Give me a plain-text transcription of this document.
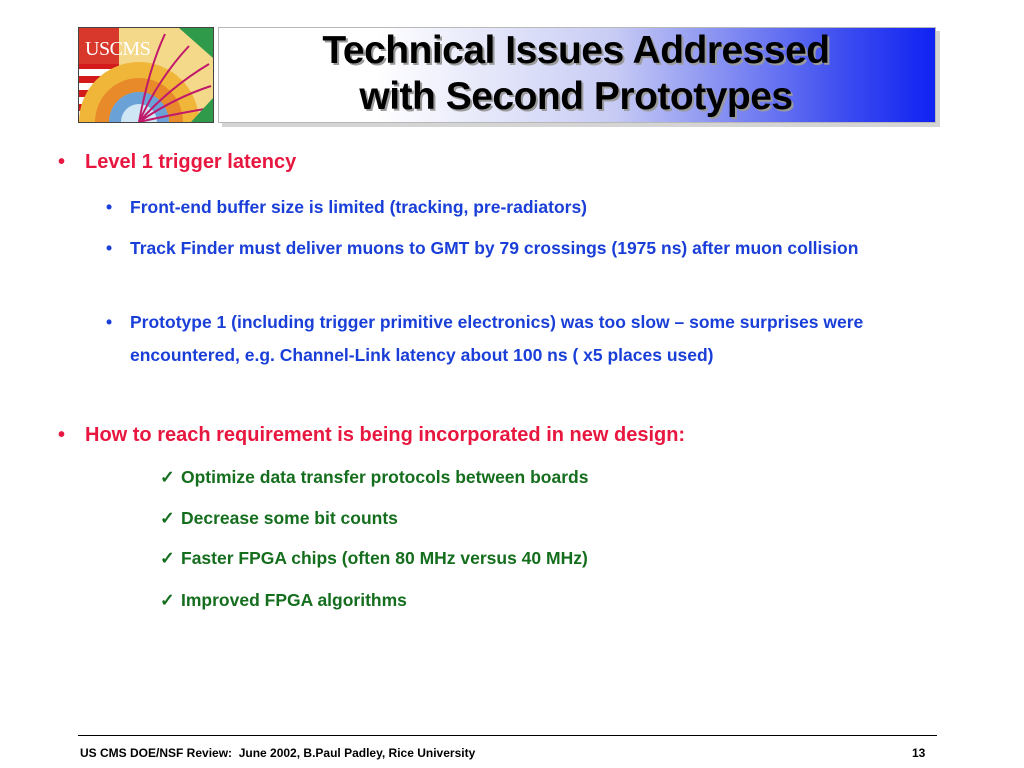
USCMS	Technical Issues Addressed
with Second Prototypes
• Level 1 trigger latency
• Front-end buffer size is limited (tracking, pre-radiators)
• Track Finder must deliver muons to GMT by 79 crossings (1975 ns) after muon collision
• Prototype 1 (including trigger primitive electronics) was too slow – some surprises were encountered, e.g. Channel-Link latency about 100 ns ( x5 places used)
• How to reach requirement is being incorporated in new design:
✓ Optimize data transfer protocols between boards
✓ Decrease some bit counts
✓ Faster FPGA chips (often 80 MHz versus 40 MHz)
✓ Improved FPGA algorithms
US CMS DOE/NSF Review:  June 2002, B.Paul Padley, Rice University	13
